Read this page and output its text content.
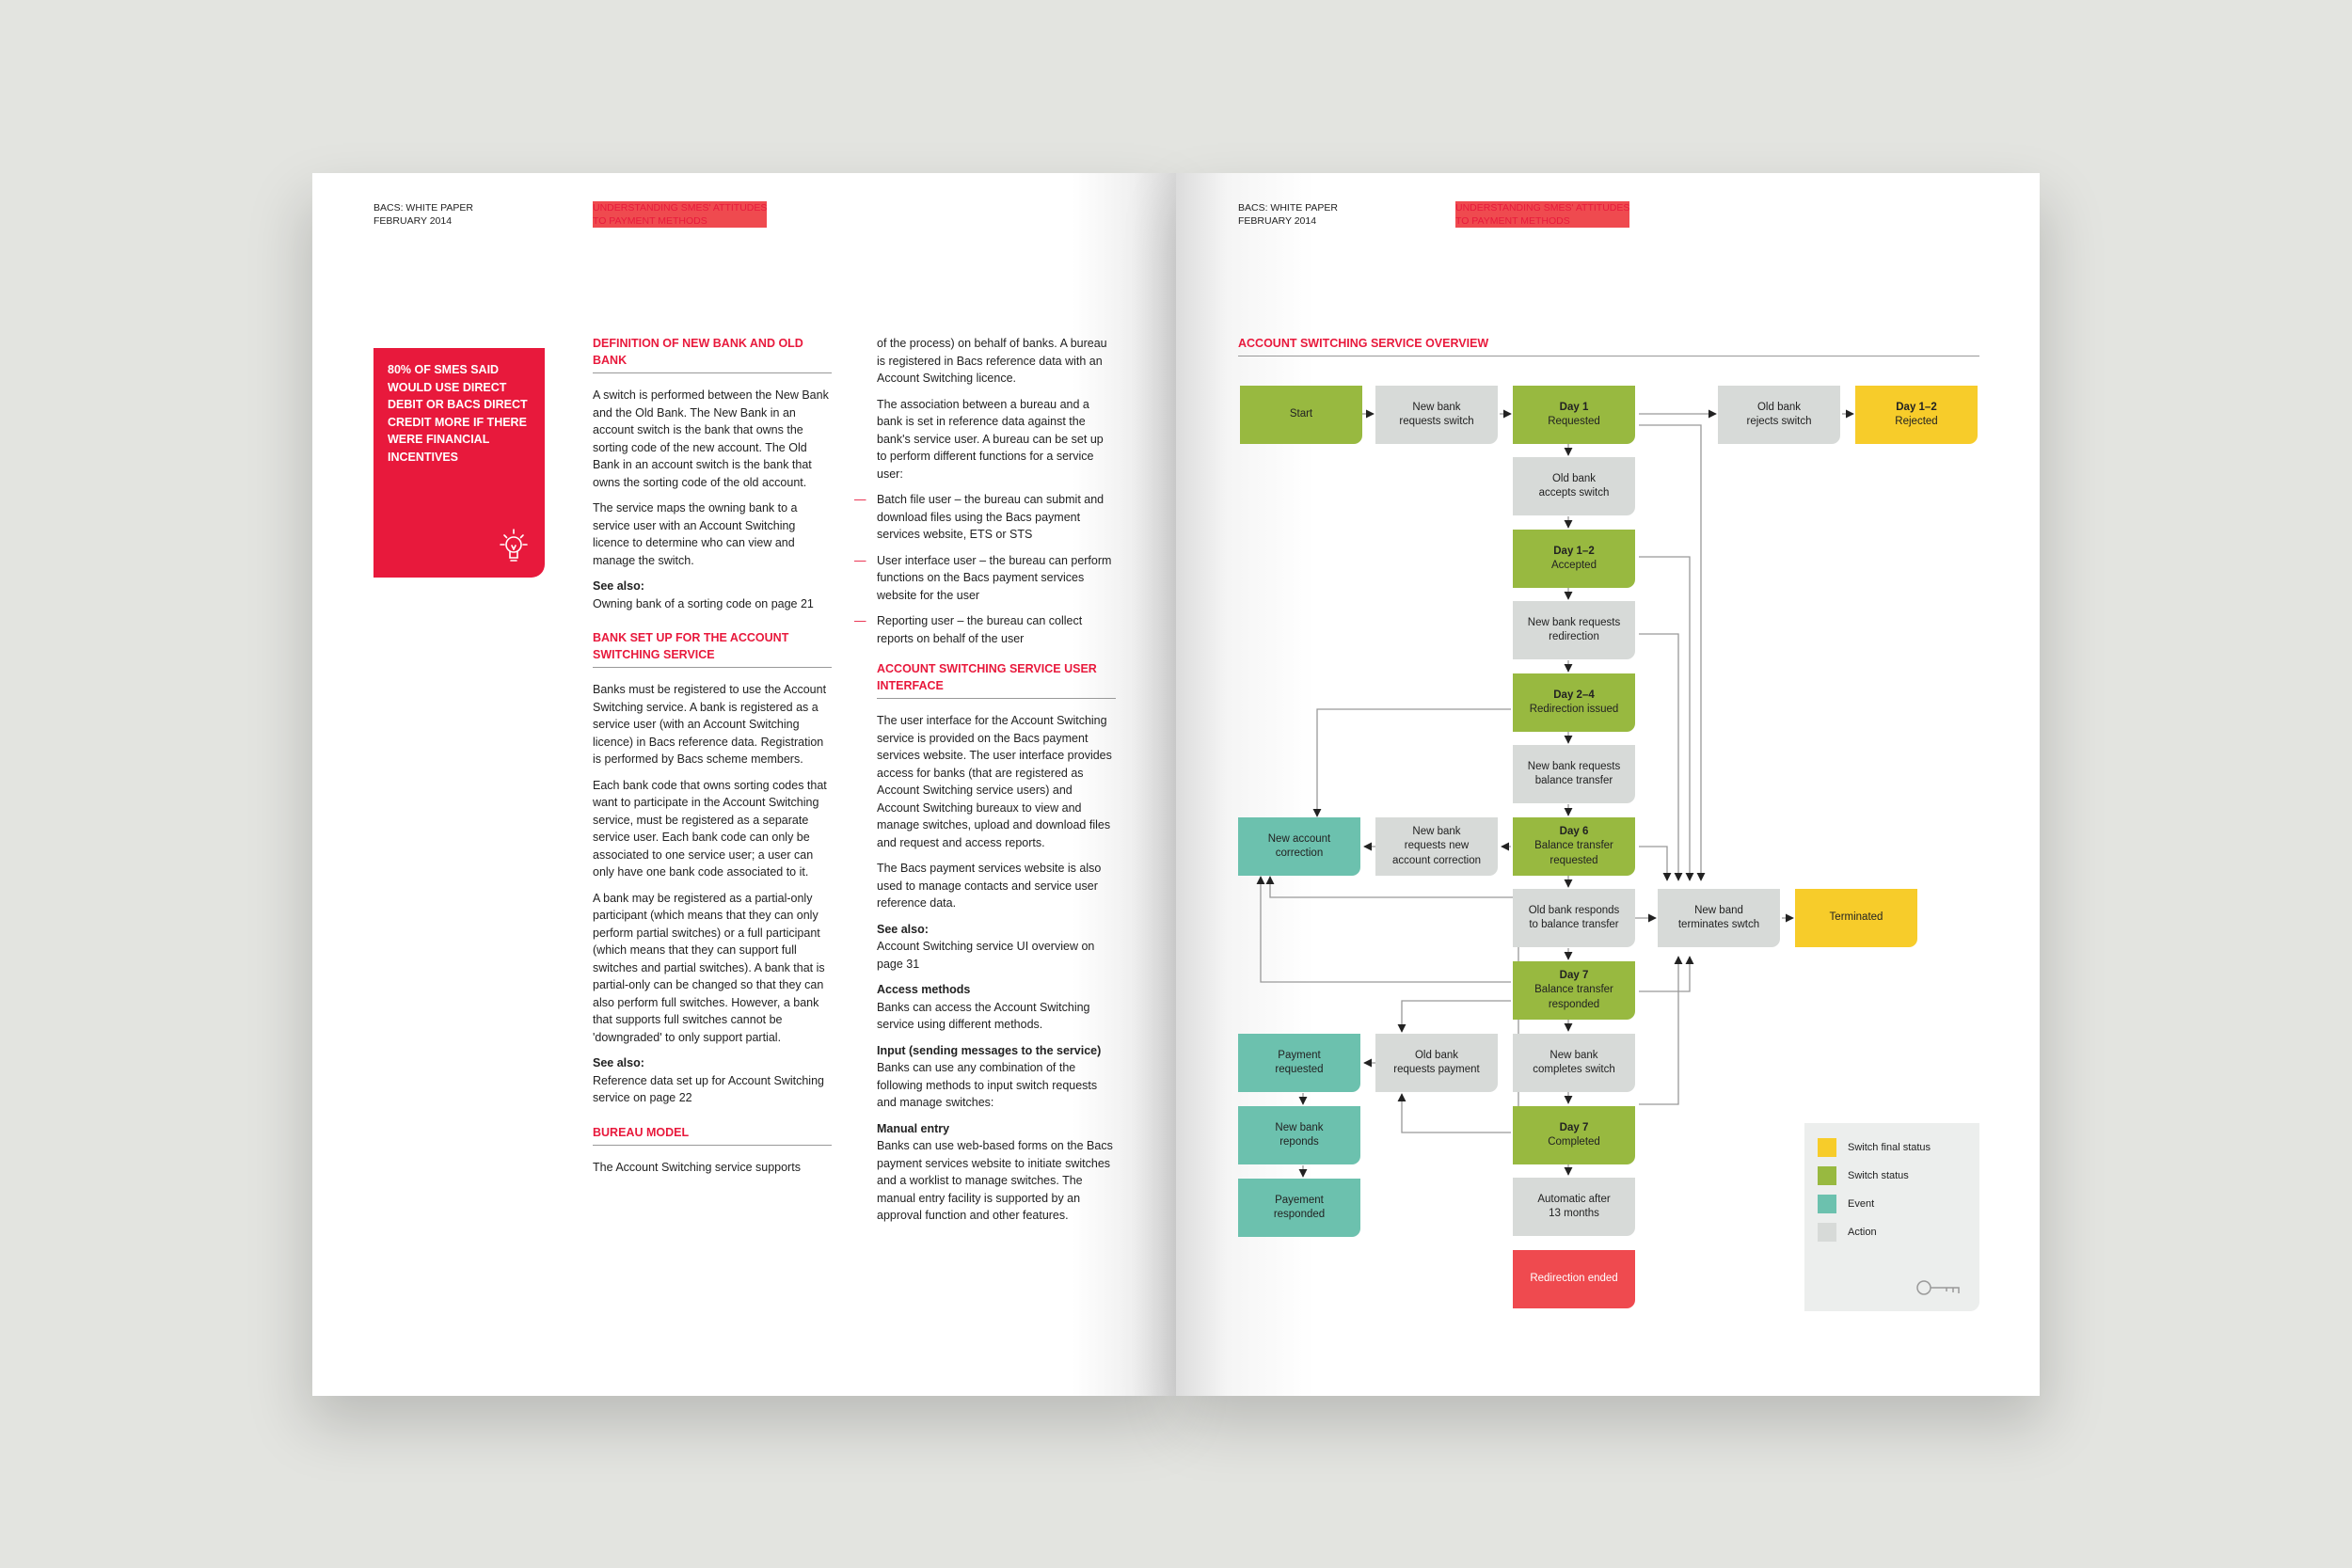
BACS: WHITE PAPER
FEBRUARY 2014
UNDERSTANDING SMES' ATTITUDES
TO PAYMENT METHODS
80% OF SMES SAID WOULD USE DIRECT DEBIT OR BACS DIRECT CREDIT MORE IF THERE WERE FINANCIAL INCENTIVES
DEFINITION OF NEW BANK AND OLD BANK

A switch is performed between the New Bank and the Old Bank. The New Bank in an account switch is the bank that owns the sorting code of the new account. The Old Bank in an account switch is the bank that owns the sorting code of the old account.

The service maps the owning bank to a service user with an Account Switching licence to determine who can view and manage the switch.

See also:

Owning bank of a sorting code on page 21

BANK SET UP FOR THE ACCOUNT SWITCHING SERVICE

Banks must be registered to use the Account Switching service. A bank is registered as a service user (with an Account Switching licence) in Bacs reference data. Registration is performed by Bacs scheme members.

Each bank code that owns sorting codes that want to participate in the Account Switching service, must be registered as a separate service user. Each bank code can only be associated to one service user; a user can only have one bank code associated to it.

A bank may be registered as a partial-only participant (which means that they can only perform partial switches) or a full participant (which means that they can support full switches and partial switches). A bank that is partial-only can be changed so that they can also perform full switches. However, a bank that supports full switches cannot be 'downgraded' to only support partial.

See also:

Reference data set up for Account Switching service on page 22

BUREAU MODEL

The Account Switching service supports

of the process) on behalf of banks. A bureau is registered in Bacs reference data with an Account Switching licence.

The association between a bureau and a bank is set in reference data against the bank's service user. A bureau can be set up to perform different functions for a service user:

— Batch file user – the bureau can submit and download files using the Bacs payment services website, ETS or STS
— User interface user – the bureau can perform functions on the Bacs payment services website for the user
— Reporting user – the bureau can collect reports on behalf of the user
ACCOUNT SWITCHING SERVICE USER INTERFACE

The user interface for the Account Switching service is provided on the Bacs payment services website. The user interface provides access for banks (that are registered as Account Switching service users) and Account Switching bureaux to view and manage switches, upload and download files and request and access reports.

The Bacs payment services website is also used to manage contacts and service user reference data.

See also:

Account Switching service UI overview on page 31

Access methods

Banks can access the Account Switching service using different methods.

Input (sending messages to the service)

Banks can use any combination of the following methods to input switch requests and manage switches:

Manual entry

Banks can use web-based forms on the Bacs payment services website to initiate switches and a worklist to manage switches. The manual entry facility is supported by an approval function and other features.

BACS: WHITE PAPER
FEBRUARY 2014
UNDERSTANDING SMES' ATTITUDES
TO PAYMENT METHODS
ACCOUNT SWITCHING SERVICE OVERVIEW
Start
New bank
requests switch
Day 1
Requested
Old bank
rejects switch
Day 1–2
Rejected
Old bank
accepts switch
Day 1–2
Accepted
New bank requests
redirection
Day 2–4
Redirection issued
New bank requests
balance transfer
New account
correction
New bank
requests new
account correction
Day 6
Balance transfer
requested
Old bank responds
to balance transfer
New band
terminates swtch
Terminated
Day 7
Balance transfer
responded
Payment
requested
Old bank
requests payment
New bank
completes switch
New bank
reponds
Day 7
Completed
Payement
responded
Automatic after
13 months
Redirection ended
Switch final status
Switch status
Event
Action
